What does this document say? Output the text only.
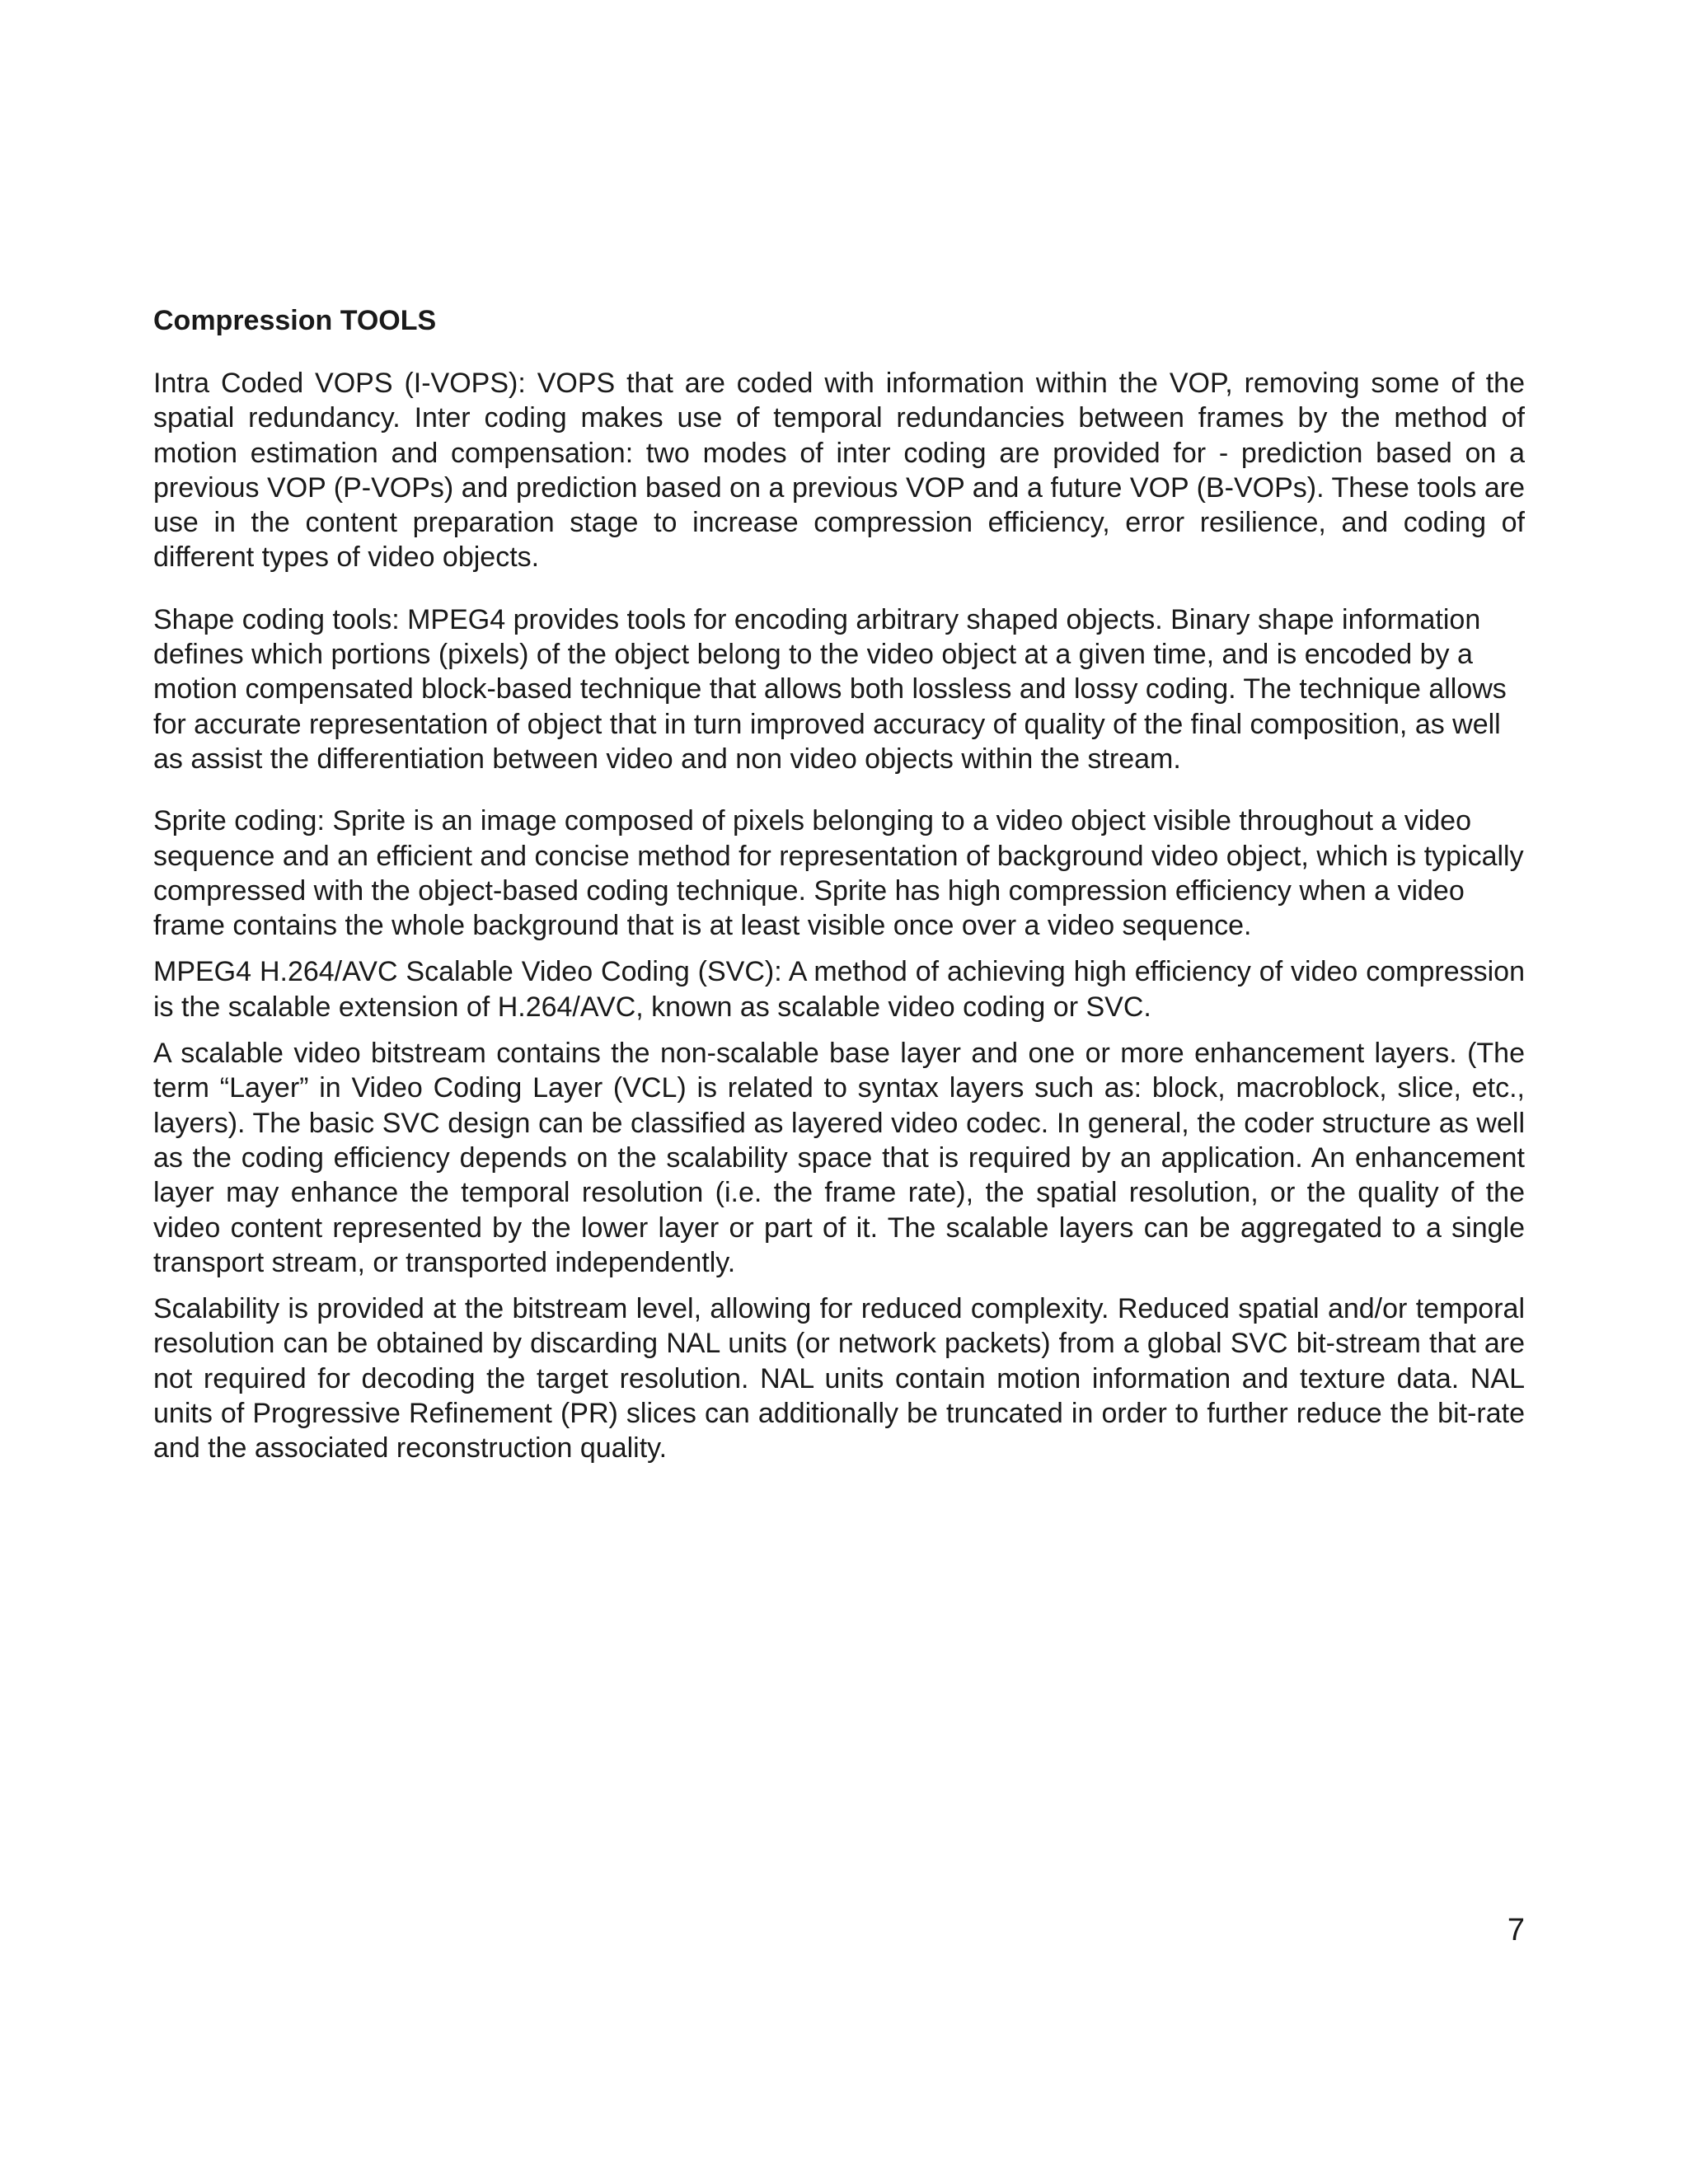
Compression TOOLS

Intra Coded VOPS (I-VOPS): VOPS that are coded with information within the VOP, removing some of the spatial redundancy. Inter coding makes use of temporal redundancies between frames by the method of motion estimation and compensation: two modes of inter coding are provided for - prediction based on a previous VOP (P-VOPs) and prediction based on a previous VOP and a future VOP (B-VOPs). These tools are use in the content preparation stage to increase compression efficiency, error resilience, and coding of different types of video objects.

Shape coding tools: MPEG4 provides tools for encoding arbitrary shaped objects. Binary shape information defines which portions (pixels) of the object belong to the video object at a given time, and is encoded by a motion compensated block-based technique that allows both lossless and lossy coding. The technique allows for accurate representation of object that in turn improved accuracy of quality of the final composition, as well as assist the differentiation between video and non video objects within the stream.

Sprite coding: Sprite is an image composed of pixels belonging to a video object visible throughout a video sequence and an efficient and concise method for representation of background video object, which is typically compressed with the object-based coding technique. Sprite has high compression efficiency when a video frame contains the whole background that is at least visible once over a video sequence.

MPEG4 H.264/AVC Scalable Video Coding (SVC): A method of achieving high efficiency of video compression is the scalable extension of H.264/AVC, known as scalable video coding or SVC.

A scalable video bitstream contains the non-scalable base layer and one or more enhancement layers. (The term “Layer” in Video Coding Layer (VCL) is related to syntax layers such as: block, macroblock, slice, etc., layers). The basic SVC design can be classified as layered video codec. In general, the coder structure as well as the coding efficiency depends on the scalability space that is required by an application. An enhancement layer may enhance the temporal resolution (i.e. the frame rate), the spatial resolution, or the quality of the video content represented by the lower layer or part of it. The scalable layers can be aggregated to a single transport stream, or transported independently.

Scalability is provided at the bitstream level, allowing for reduced complexity. Reduced spatial and/or temporal resolution can be obtained by discarding NAL units (or network packets) from a global SVC bit-stream that are not required for decoding the target resolution. NAL units contain motion information and texture data. NAL units of Progressive Refinement (PR) slices can additionally be truncated in order to further reduce the bit-rate and the associated reconstruction quality.

7
